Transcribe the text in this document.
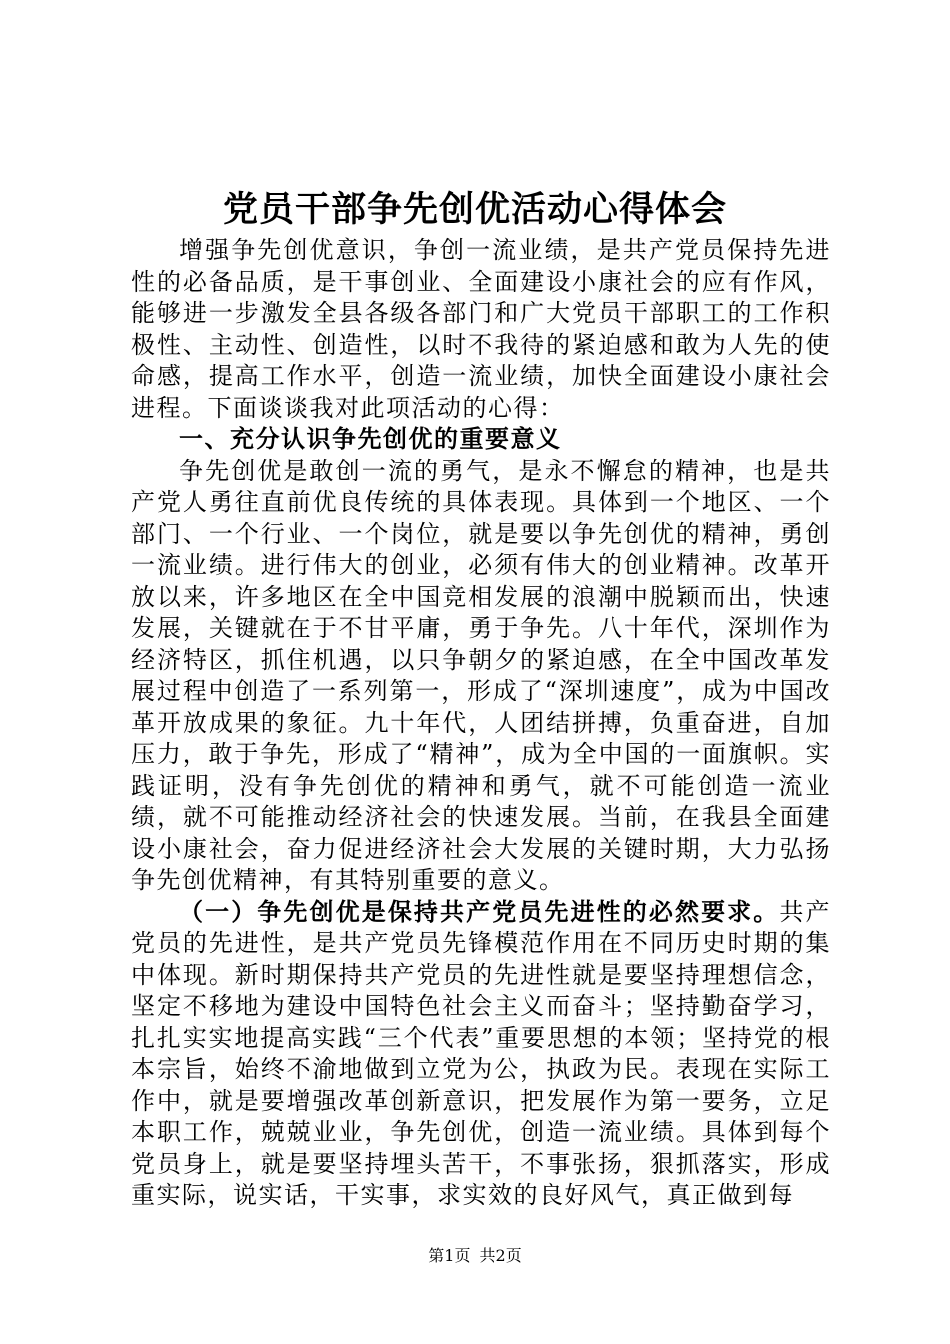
党员干部争先创优活动心得体会

增强争先创优意识，争创一流业绩，是共产党员保持先进性的必备品质，是干事创业、全面建设小康社会的应有作风，能够进一步激发全县各级各部门和广大党员干部职工的工作积极性、主动性、创造性，以时不我待的紧迫感和敢为人先的使命感，提高工作水平，创造一流业绩，加快全面建设小康社会进程。下面谈谈我对此项活动的心得：

一、充分认识争先创优的重要意义

争先创优是敢创一流的勇气，是永不懈怠的精神，也是共产党人勇往直前优良传统的具体表现。具体到一个地区、一个部门、一个行业、一个岗位，就是要以争先创优的精神，勇创一流业绩。进行伟大的创业，必须有伟大的创业精神。改革开放以来，许多地区在全中国竞相发展的浪潮中脱颖而出，快速发展，关键就在于不甘平庸，勇于争先。八十年代，深圳作为经济特区，抓住机遇，以只争朝夕的紧迫感，在全中国改革发展过程中创造了一系列第一，形成了“深圳速度”，成为中国改革开放成果的象征。九十年代，人团结拼搏，负重奋进，自加压力，敢于争先，形成了“精神”，成为全中国的一面旗帜。实践证明，没有争先创优的精神和勇气，就不可能创造一流业绩，就不可能推动经济社会的快速发展。当前，在我县全面建设小康社会，奋力促进经济社会大发展的关键时期，大力弘扬争先创优精神，有其特别重要的意义。

（一）争先创优是保持共产党员先进性的必然要求。共产党员的先进性，是共产党员先锋模范作用在不同历史时期的集中体现。新时期保持共产党员的先进性就是要坚持理想信念，坚定不移地为建设中国特色社会主义而奋斗；坚持勤奋学习，扎扎实实地提高实践“三个代表”重要思想的本领；坚持党的根本宗旨，始终不渝地做到立党为公，执政为民。表现在实际工作中，就是要增强改革创新意识，把发展作为第一要务，立足本职工作，兢兢业业，争先创优，创造一流业绩。具体到每个党员身上，就是要坚持埋头苦干，不事张扬，狠抓落实，形成重实际，说实话，干实事，求实效的良好风气，真正做到每

第1页 共2页
